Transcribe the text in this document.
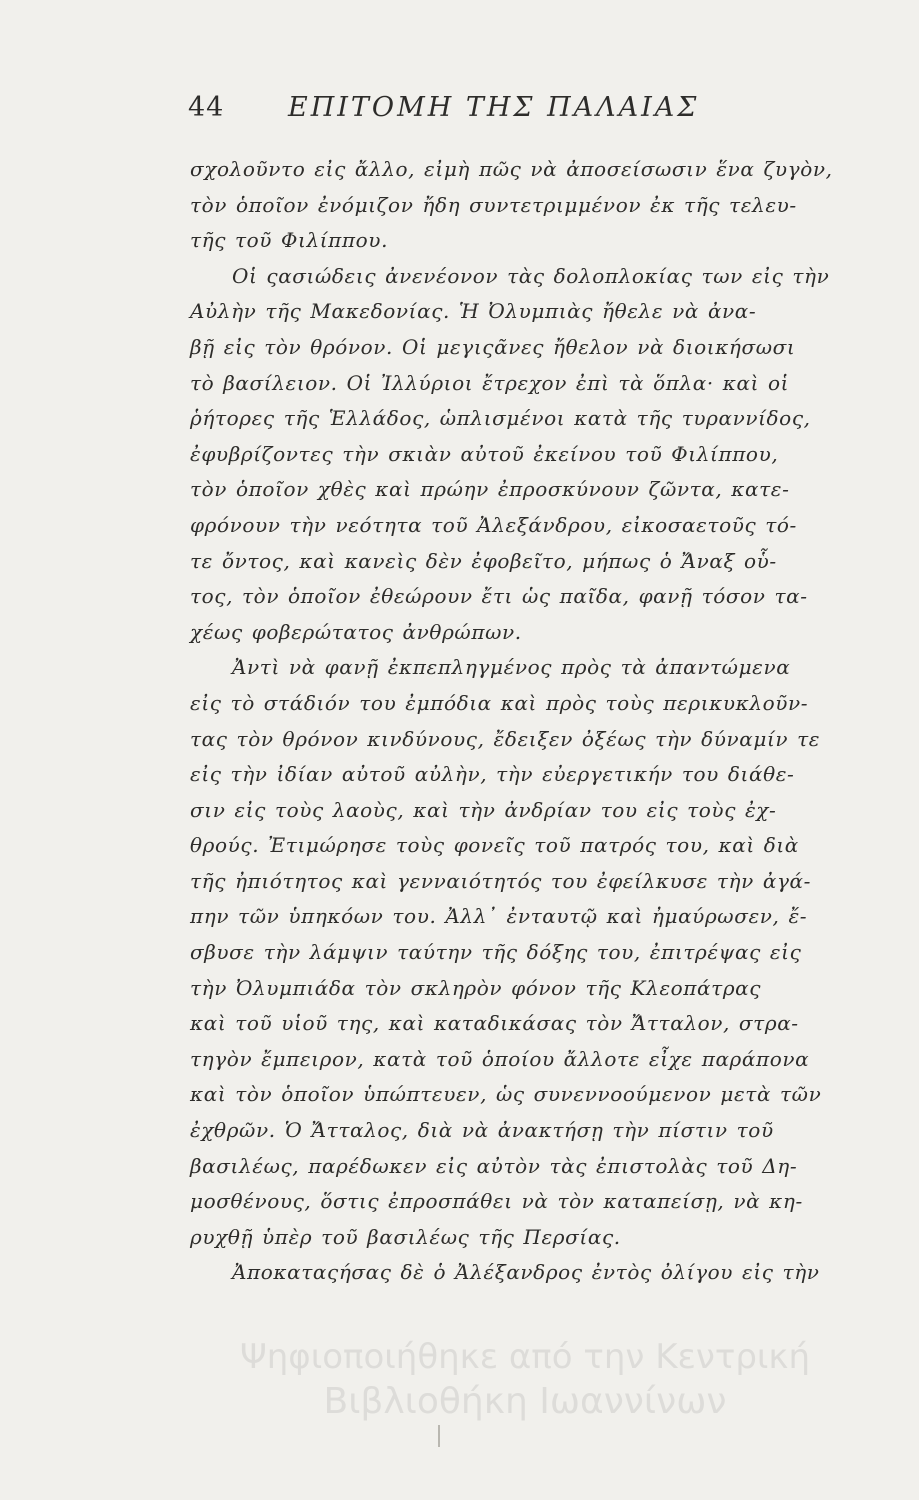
44 ΕΠΙΤΟΜΗ ΤΗΣ ΠΑΛΑΙΑΣ
σχολοῦντο εἰς ἄλλο, εἰμὴ πῶς νὰ ἀποσείσωσιν ἕνα ζυγὸν,
τὸν ὁποῖον ἐνόμιζον ἤδη συντετριμμένον ἐκ τῆς τελευ-
τῆς τοῦ Φιλίππου.
Οἱ ςασιώδεις ἀνενέονον τὰς δολοπλοκίας των εἰς τὴν
Αὐλὴν τῆς Μακεδονίας. Ἡ Ὀλυμπιὰς ἤθελε νὰ ἀνα-
βῇ εἰς τὸν θρόνον. Οἱ μεγιςᾶνες ἤθελον νὰ διοικήσωσι
τὸ βασίλειον. Οἱ Ἰλλύριοι ἔτρεχον ἐπὶ τὰ ὅπλα· καὶ οἱ
ῥήτορες τῆς Ἑλλάδος, ὡπλισμένοι κατὰ τῆς τυραννίδος,
ἐφυβρίζοντες τὴν σκιὰν αὐτοῦ ἐκείνου τοῦ Φιλίππου,
τὸν ὁποῖον χθὲς καὶ πρώην ἐπροσκύνουν ζῶντα, κατε-
φρόνουν τὴν νεότητα τοῦ Ἀλεξάνδρου, εἰκοσαετοῦς τό-
τε ὄντος, καὶ κανεὶς δὲν ἐφοβεῖτο, μήπως ὁ Ἄναξ οὗ-
τος, τὸν ὁποῖον ἐθεώρουν ἔτι ὡς παῖδα, φανῇ τόσον τα-
χέως φοβερώτατος ἀνθρώπων.
Ἀντὶ νὰ φανῇ ἐκπεπληγμένος πρὸς τὰ ἀπαντώμενα
εἰς τὸ στάδιόν του ἐμπόδια καὶ πρὸς τοὺς περικυκλοῦν-
τας τὸν θρόνον κινδύνους, ἔδειξεν ὀξέως τὴν δύναμίν τε
εἰς τὴν ἰδίαν αὐτοῦ αὐλὴν, τὴν εὐεργετικήν του διάθε-
σιν εἰς τοὺς λαοὺς, καὶ τὴν ἀνδρίαν του εἰς τοὺς ἐχ-
θρούς. Ἐτιμώρησε τοὺς φονεῖς τοῦ πατρός του, καὶ διὰ
τῆς ἠπιότητος καὶ γενναιότητός του ἐφείλκυσε τὴν ἀγά-
πην τῶν ὑπηκόων του. Ἀλλ᾽ ἐνταυτῷ καὶ ἠμαύρωσεν, ἔ-
σβυσε τὴν λάμψιν ταύτην τῆς δόξης του, ἐπιτρέψας εἰς
τὴν Ὀλυμπιάδα τὸν σκληρὸν φόνον τῆς Κλεοπάτρας
καὶ τοῦ υἱοῦ της, καὶ καταδικάσας τὸν Ἄτταλον, στρα-
τηγὸν ἔμπειρον, κατὰ τοῦ ὁποίου ἄλλοτε εἶχε παράπονα
καὶ τὸν ὁποῖον ὑπώπτευεν, ὡς συνεννοούμενον μετὰ τῶν
ἐχθρῶν. Ὁ Ἄτταλος, διὰ νὰ ἀνακτήσῃ τὴν πίστιν τοῦ
βασιλέως, παρέδωκεν εἰς αὐτὸν τὰς ἐπιστολὰς τοῦ Δη-
μοσθένους, ὅστις ἐπροσπάθει νὰ τὸν καταπείσῃ, νὰ κη-
ρυχθῇ ὑπὲρ τοῦ βασιλέως τῆς Περσίας.
Ἀποκαταςήσας δὲ ὁ Ἀλέξανδρος ἐντὸς ὀλίγου εἰς τὴν
Ψηφιοποιήθηκε από την Κεντρική
Βιβλιοθήκη Ιωαννίνων
